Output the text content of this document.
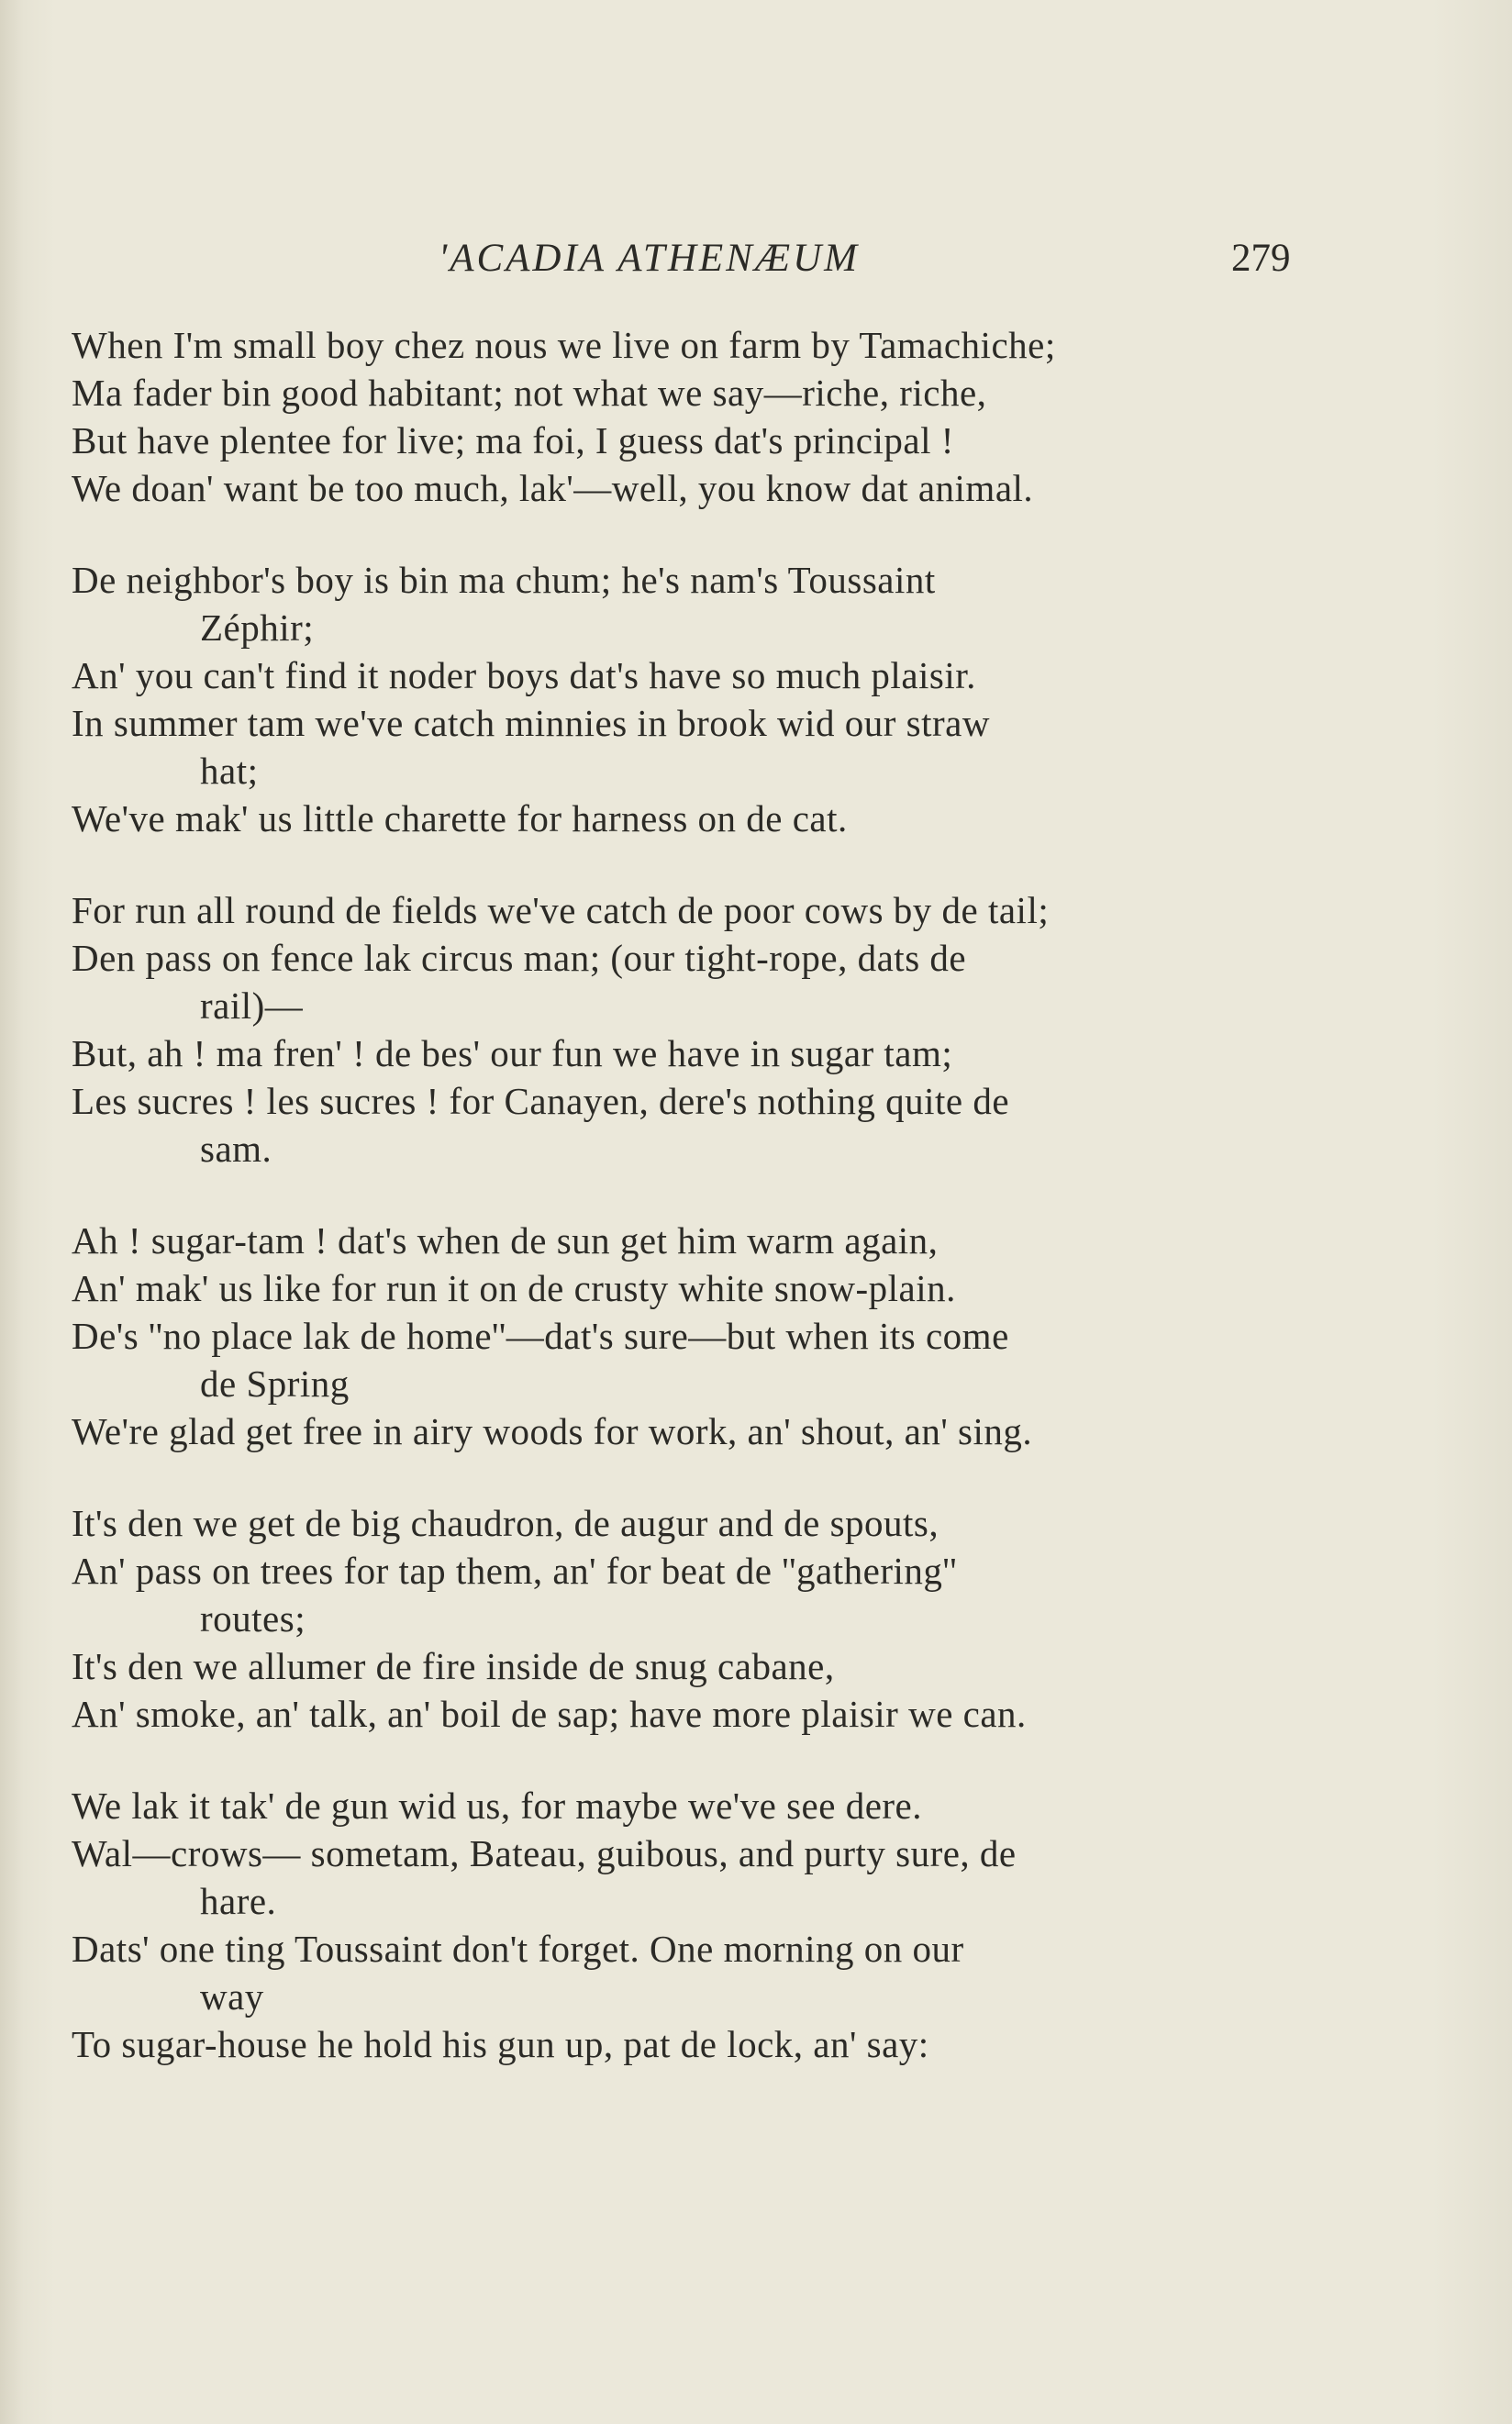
'ACADIA ATHENÆUM	279
When I'm small boy chez nous we live on farm by Tamachiche;
Ma fader bin good habitant; not what we say—riche, riche,
But have plentee for live; ma foi, I guess dat's principal !
We doan' want be too much, lak'—well, you know dat animal.
De neighbor's boy is bin ma chum; he's nam's Toussaint
Zéphir;
An' you can't find it noder boys dat's have so much plaisir.
In summer tam we've catch minnies in brook wid our straw
hat;
We've mak' us little charette for harness on de cat.
For run all round de fields we've catch de poor cows by de tail;
Den pass on fence lak circus man; (our tight-rope, dats de
rail)—
But, ah ! ma fren' ! de bes' our fun we have in sugar tam;
Les sucres ! les sucres ! for Canayen, dere's nothing quite de
sam.
Ah ! sugar-tam ! dat's when de sun get him warm again,
An' mak' us like for run it on de crusty white snow-plain.
De's ''no place lak de home''—dat's sure—but when its come
de Spring
We're glad get free in airy woods for work, an' shout, an' sing.
It's den we get de big chaudron, de augur and de spouts,
An' pass on trees for tap them, an' for beat de ''gathering''
routes;
It's den we allumer de fire inside de snug cabane,
An' smoke, an' talk, an' boil de sap; have more plaisir we can.
We lak it tak' de gun wid us, for maybe we've see dere.
Wal—crows— sometam, Bateau, guibous, and purty sure, de
hare.
Dats' one ting Toussaint don't forget. One morning on our
way
To sugar-house he hold his gun up, pat de lock, an' say:
